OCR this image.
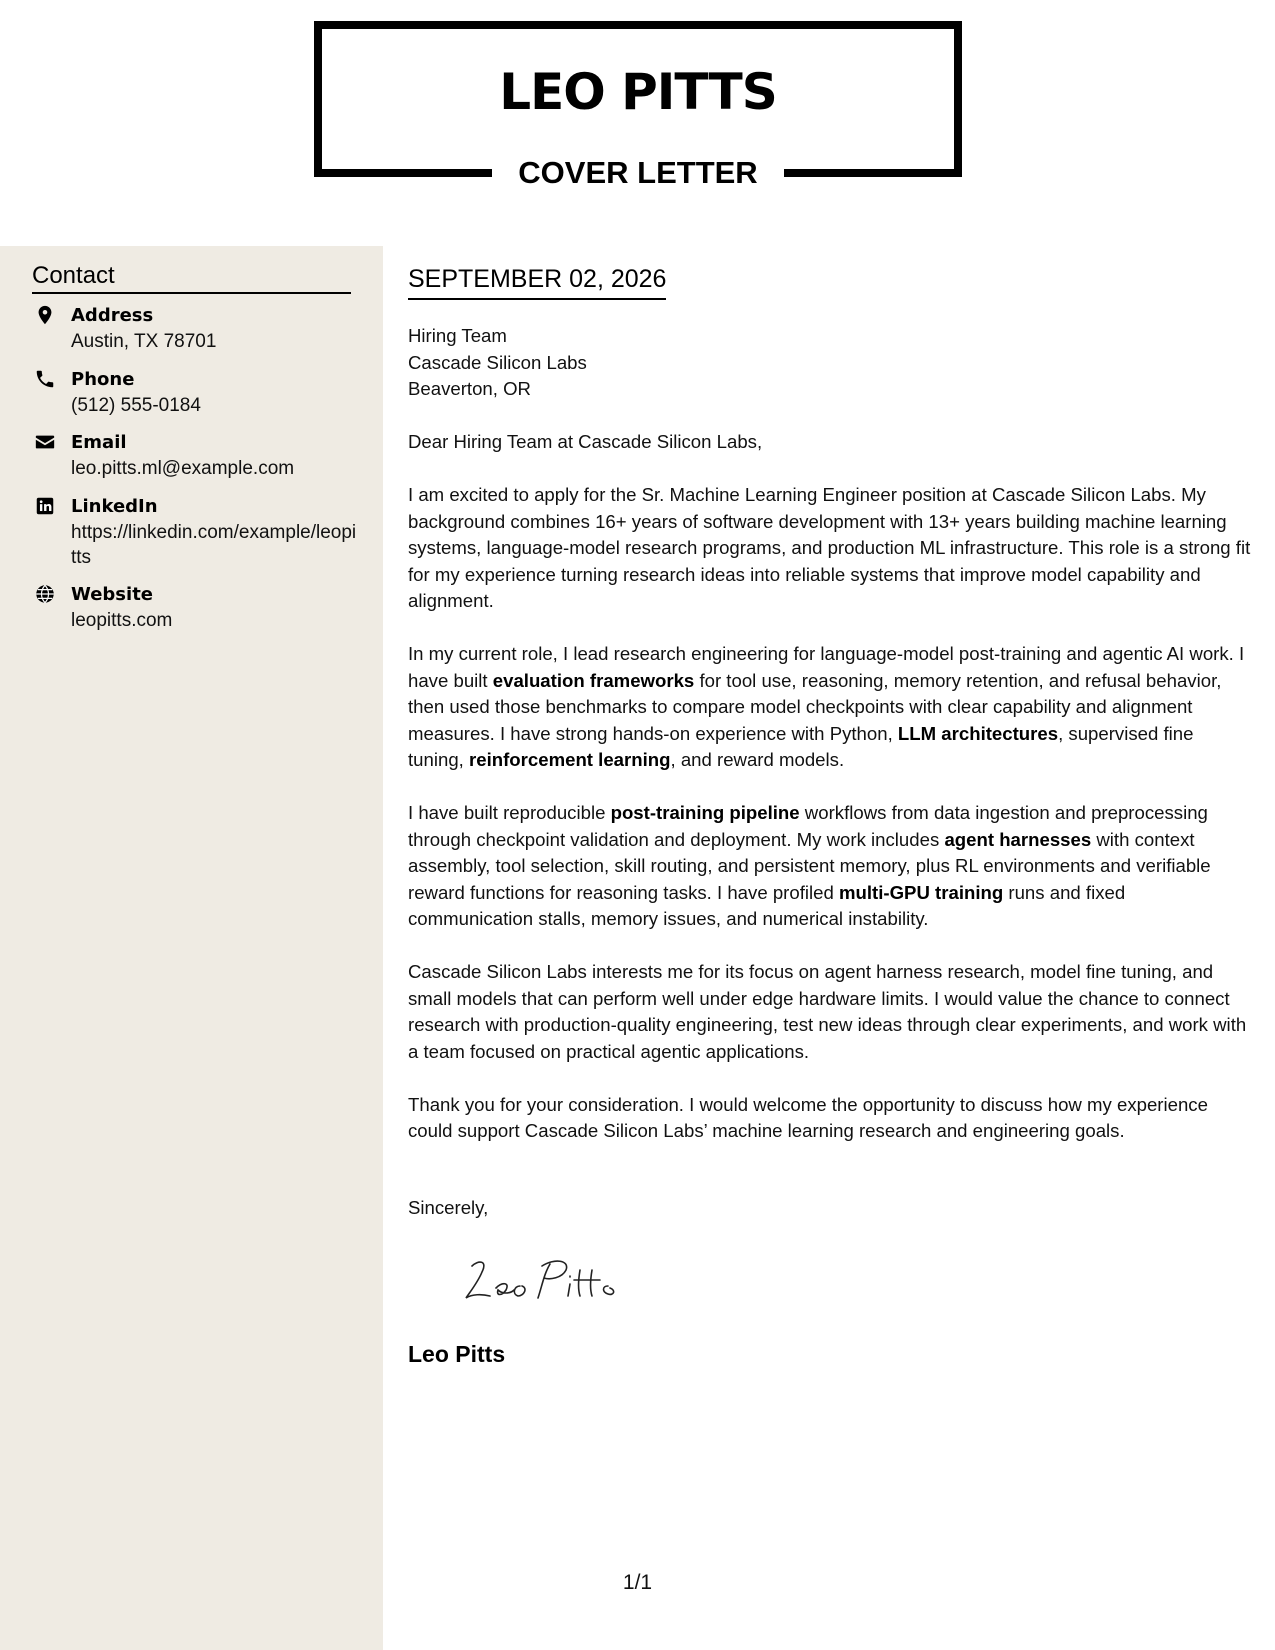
LEO PITTS
COVER LETTER
Contact
Address
Austin, TX 78701
Phone
(512) 555-0184
Email
leo.pitts.ml@example.com
LinkedIn
https://linkedin.com/example/leopitts
Website
leopitts.com
SEPTEMBER 02, 2026
Hiring Team
Cascade Silicon Labs
Beaverton, OR

Dear Hiring Team at Cascade Silicon Labs,

I am excited to apply for the Sr. Machine Learning Engineer position at Cascade Silicon Labs. My background combines 16+ years of software development with 13+ years building machine learning systems, language-model research programs, and production ML infrastructure. This role is a strong fit for my experience turning research ideas into reliable systems that improve model capability and alignment.

In my current role, I lead research engineering for language-model post-training and agentic AI work. I have built evaluation frameworks for tool use, reasoning, memory retention, and refusal behavior, then used those benchmarks to compare model checkpoints with clear capability and alignment measures. I have strong hands-on experience with Python, LLM architectures, supervised fine tuning, reinforcement learning, and reward models.

I have built reproducible post-training pipeline workflows from data ingestion and preprocessing through checkpoint validation and deployment. My work includes agent harnesses with context assembly, tool selection, skill routing, and persistent memory, plus RL environments and verifiable reward functions for reasoning tasks. I have profiled multi-GPU training runs and fixed communication stalls, memory issues, and numerical instability.

Cascade Silicon Labs interests me for its focus on agent harness research, model fine tuning, and small models that can perform well under edge hardware limits. I would value the chance to connect research with production-quality engineering, test new ideas through clear experiments, and work with a team focused on practical agentic applications.

Thank you for your consideration. I would welcome the opportunity to discuss how my experience could support Cascade Silicon Labs’ machine learning research and engineering goals.

Sincerely,
Leo Pitts
1/1
